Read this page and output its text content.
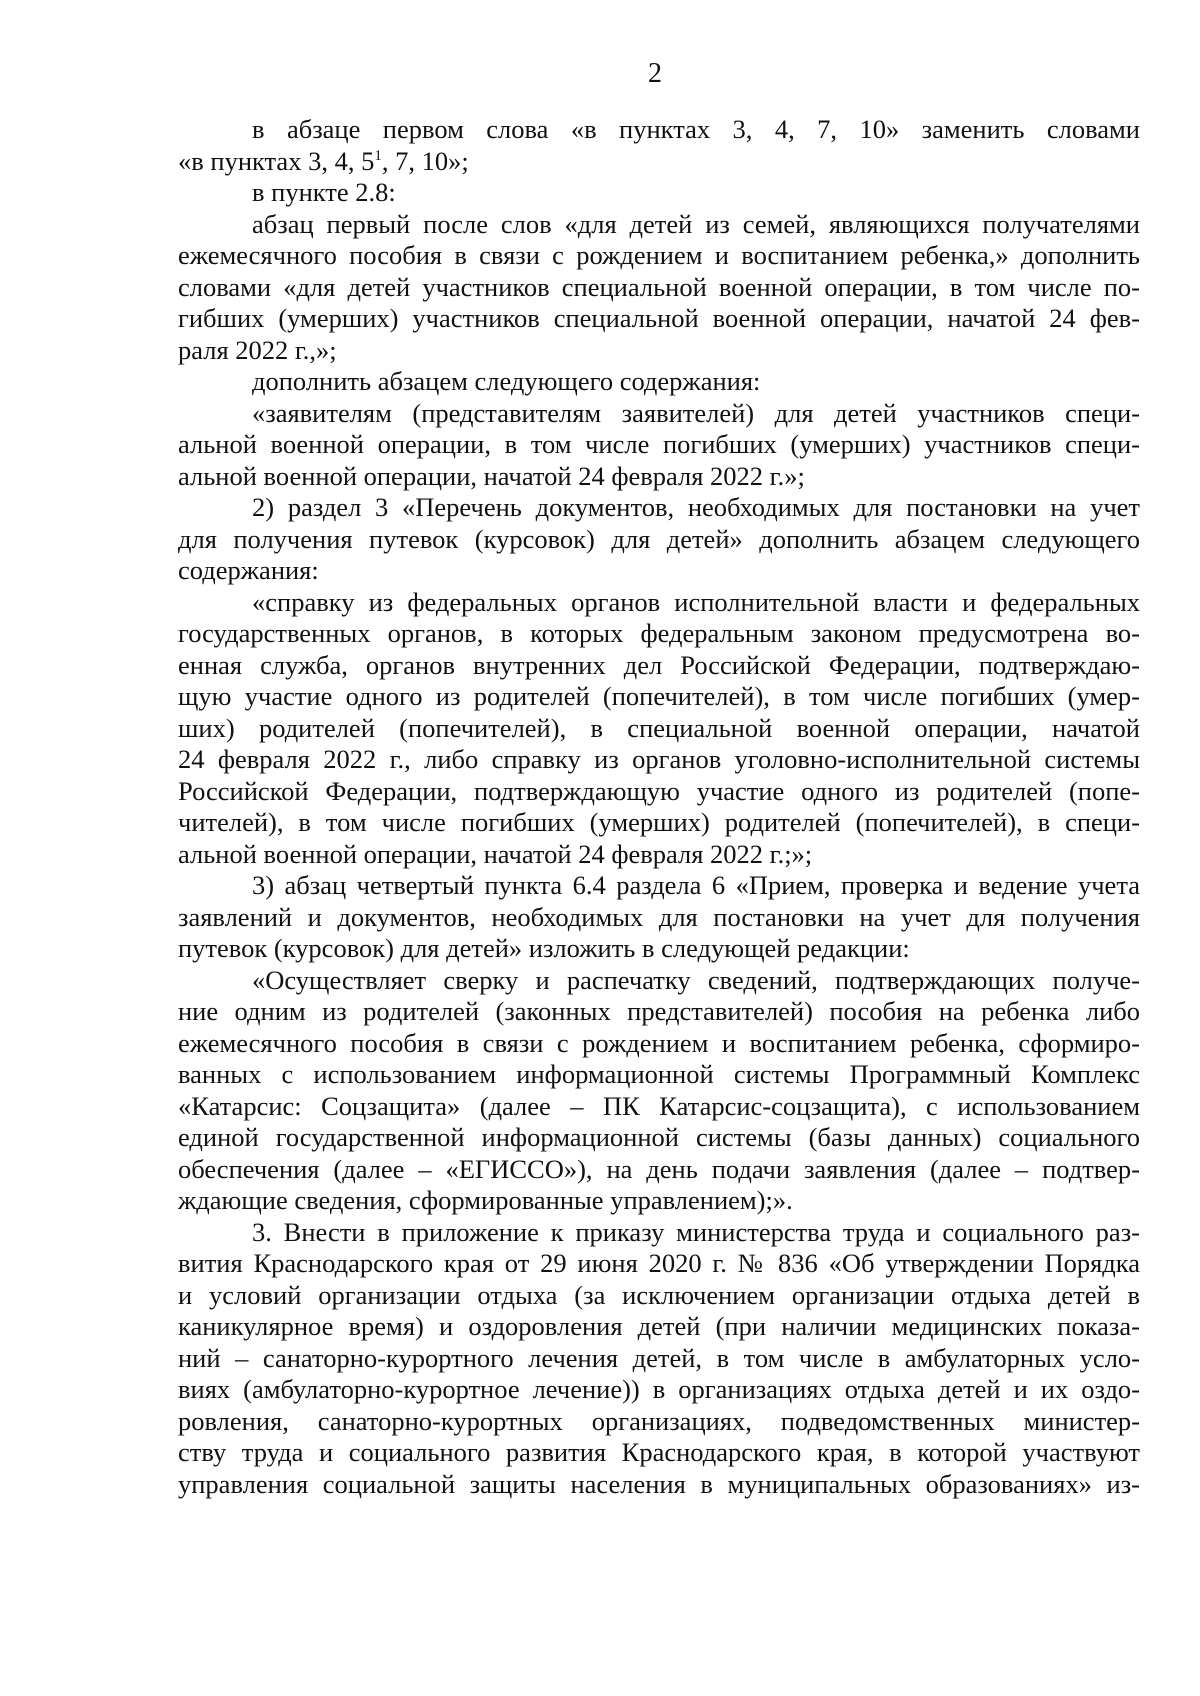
2
в абзаце первом слова «в пунктах 3, 4, 7, 10» заменить словами
«в пунктах 3, 4, $5^1$, 7, 10»;
в пункте 2.8:
абзац первый после слов «для детей из семей, являющихся получателями
ежемесячного пособия в связи с рождением и воспитанием ребенка,» дополнить
словами «для детей участников специальной военной операции, в том числе по-
гибших (умерших) участников специальной военной операции, начатой 24 фев-
раля 2022 г.,»;
дополнить абзацем следующего содержания:
«заявителям (представителям заявителей) для детей участников специ-
альной военной операции, в том числе погибших (умерших) участников специ-
альной военной операции, начатой 24 февраля 2022 г.»;
2) раздел 3 «Перечень документов, необходимых для постановки на учет
для получения путевок (курсовок) для детей» дополнить абзацем следующего
содержания:
«справку из федеральных органов исполнительной власти и федеральных
государственных органов, в которых федеральным законом предусмотрена во-
енная служба, органов внутренних дел Российской Федерации, подтверждаю-
щую участие одного из родителей (попечителей), в том числе погибших (умер-
ших) родителей (попечителей), в специальной военной операции, начатой
24 февраля 2022 г., либо справку из органов уголовно-исполнительной системы
Российской Федерации, подтверждающую участие одного из родителей (попе-
чителей), в том числе погибших (умерших) родителей (попечителей), в специ-
альной военной операции, начатой 24 февраля 2022 г.;»;
3) абзац четвертый пункта 6.4 раздела 6 «Прием, проверка и ведение учета
заявлений и документов, необходимых для постановки на учет для получения
путевок (курсовок) для детей» изложить в следующей редакции:
«Осуществляет сверку и распечатку сведений, подтверждающих получе-
ние одним из родителей (законных представителей) пособия на ребенка либо
ежемесячного пособия в связи с рождением и воспитанием ребенка, сформиро-
ванных с использованием информационной системы Программный Комплекс
«Катарсис: Соцзащита» (далее – ПК Катарсис-соцзащита), с использованием
единой государственной информационной системы (базы данных) социального
обеспечения (далее – «ЕГИССО»), на день подачи заявления (далее – подтвер-
ждающие сведения, сформированные управлением);».
3. Внести в приложение к приказу министерства труда и социального раз-
вития Краснодарского края от 29 июня 2020 г. № 836 «Об утверждении Порядка
и условий организации отдыха (за исключением организации отдыха детей в
каникулярное время) и оздоровления детей (при наличии медицинских показа-
ний – санаторно-курортного лечения детей, в том числе в амбулаторных усло-
виях (амбулаторно-курортное лечение)) в организациях отдыха детей и их оздо-
ровления, санаторно-курортных организациях, подведомственных министер-
ству труда и социального развития Краснодарского края, в которой участвуют
управления социальной защиты населения в муниципальных образованиях» из-
